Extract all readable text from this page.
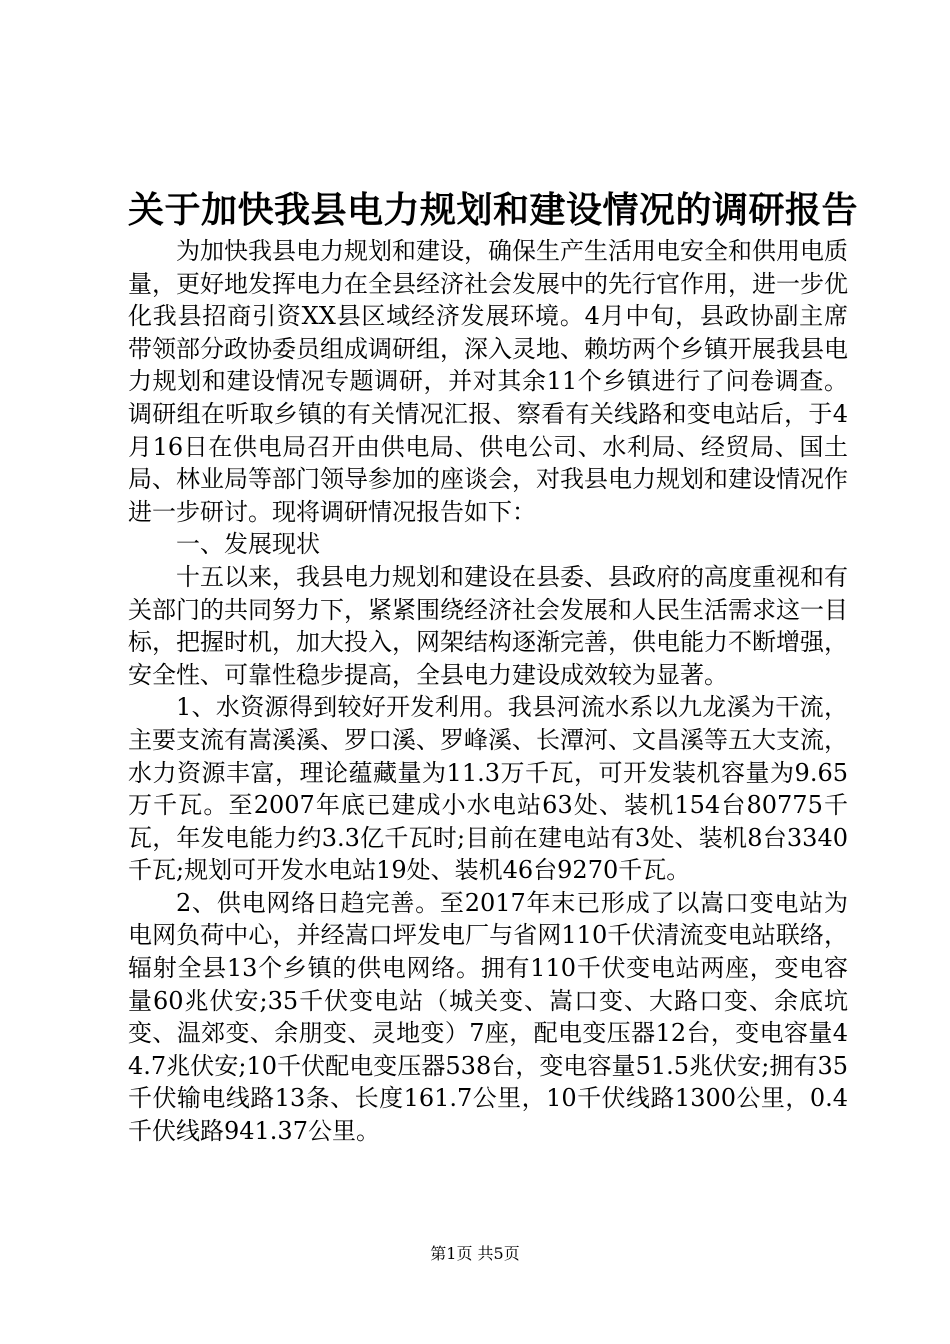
关于加快我县电力规划和建设情况的调研报告

为加快我县电力规划和建设，确保生产生活用电安全和供用电质量，更好地发挥电力在全县经济社会发展中的先行官作用，进一步优化我县招商引资XX县区域经济发展环境。4月中旬，县政协副主席带领部分政协委员组成调研组，深入灵地、赖坊两个乡镇开展我县电力规划和建设情况专题调研，并对其余11个乡镇进行了问卷调查。调研组在听取乡镇的有关情况汇报、察看有关线路和变电站后，于4月16日在供电局召开由供电局、供电公司、水利局、经贸局、国土局、林业局等部门领导参加的座谈会，对我县电力规划和建设情况作进一步研讨。现将调研情况报告如下：

一、发展现状

十五以来，我县电力规划和建设在县委、县政府的高度重视和有关部门的共同努力下，紧紧围绕经济社会发展和人民生活需求这一目标，把握时机，加大投入，网架结构逐渐完善，供电能力不断增强，安全性、可靠性稳步提高，全县电力建设成效较为显著。

1、水资源得到较好开发利用。我县河流水系以九龙溪为干流，主要支流有嵩溪溪、罗口溪、罗峰溪、长潭河、文昌溪等五大支流，水力资源丰富，理论蕴藏量为11.3万千瓦，可开发装机容量为9.65万千瓦。至2007年底已建成小水电站63处、装机154台80775千瓦，年发电能力约3.3亿千瓦时;目前在建电站有3处、装机8台3340千瓦;规划可开发水电站19处、装机46台9270千瓦。

2、供电网络日趋完善。至2017年末已形成了以嵩口变电站为电网负荷中心，并经嵩口坪发电厂与省网110千伏清流变电站联络，辐射全县13个乡镇的供电网络。拥有110千伏变电站两座，变电容量60兆伏安;35千伏变电站（城关变、嵩口变、大路口变、余底坑变、温郊变、余朋变、灵地变）7座，配电变压器12台，变电容量44.7兆伏安;10千伏配电变压器538台，变电容量51.5兆伏安;拥有35千伏输电线路13条、长度161.7公里，10千伏线路1300公里，0.4千伏线路941.37公里。

第1页 共5页
